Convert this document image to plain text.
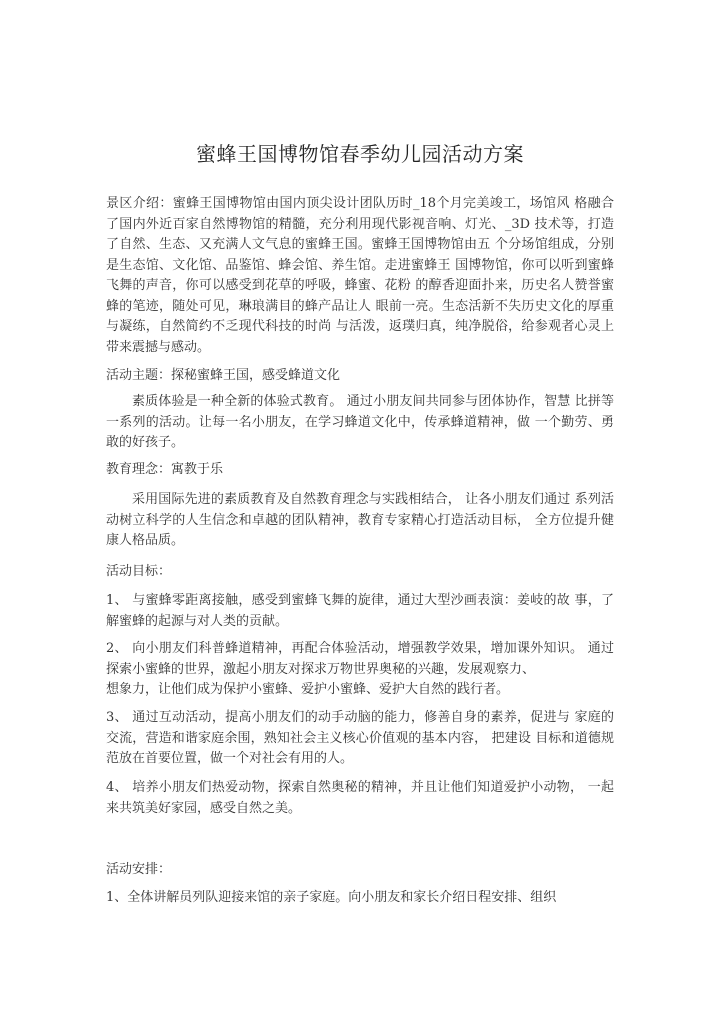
蜜蜂王国博物馆春季幼儿园活动方案

景区介绍：蜜蜂王国博物馆由国内顶尖设计团队历时_18个月完美竣工，场馆风 格融合了国内外近百家自然博物馆的精髓，充分利用现代影视音响、灯光、_3D 技术等，打造了自然、生态、又充满人文气息的蜜蜂王国。蜜蜂王国博物馆由五 个分场馆组成，分别是生态馆、文化馆、品鉴馆、蜂会馆、养生馆。走进蜜蜂王 国博物馆，你可以听到蜜蜂飞舞的声音，你可以感受到花草的呼吸，蜂蜜、花粉 的醇香迎面扑来，历史名人赞誉蜜蜂的笔迹，随处可见，琳琅满目的蜂产品让人 眼前一亮。生态活新不失历史文化的厚重与凝练，自然简约不乏现代科技的时尚 与活泼，返璞归真，纯净脱俗，给参观者心灵上带来震撼与感动。

活动主题：探秘蜜蜂王国，感受蜂道文化

素质体验是一种全新的体验式教育。 通过小朋友间共同参与团体协作，智慧 比拼等一系列的活动。让每一名小朋友，在学习蜂道文化中，传承蜂道精神，做 一个勤劳、勇敢的好孩子。

教育理念：寓教于乐

采用国际先进的素质教育及自然教育理念与实践相结合， 让各小朋友们通过 系列活动树立科学的人生信念和卓越的团队精神，教育专家精心打造活动目标， 全方位提升健康人格品质。

活动目标：

1、 与蜜蜂零距离接触，感受到蜜蜂飞舞的旋律，通过大型沙画表演：姜岐的故 事，了解蜜蜂的起源与对人类的贡献。

2、 向小朋友们科普蜂道精神，再配合体验活动，增强教学效果，增加课外知识。 通过探索小蜜蜂的世界，激起小朋友对探求万物世界奥秘的兴趣，发展观察力、

想象力，让他们成为保护小蜜蜂、爱护小蜜蜂、爱护大自然的践行者。

3、 通过互动活动，提高小朋友们的动手动脑的能力，修善自身的素养，促进与 家庭的交流，营造和谐家庭余围，熟知社会主义核心价值观的基本内容， 把建设 目标和道德规范放在首要位置，做一个对社会有用的人。

4、 培养小朋友们热爱动物，探索自然奥秘的精神，并且让他们知道爱护小动物， 一起来共筑美好家园，感受自然之美。

活动安排：

1、全体讲解员列队迎接来馆的亲子家庭。向小朋友和家长介绍日程安排、组织
